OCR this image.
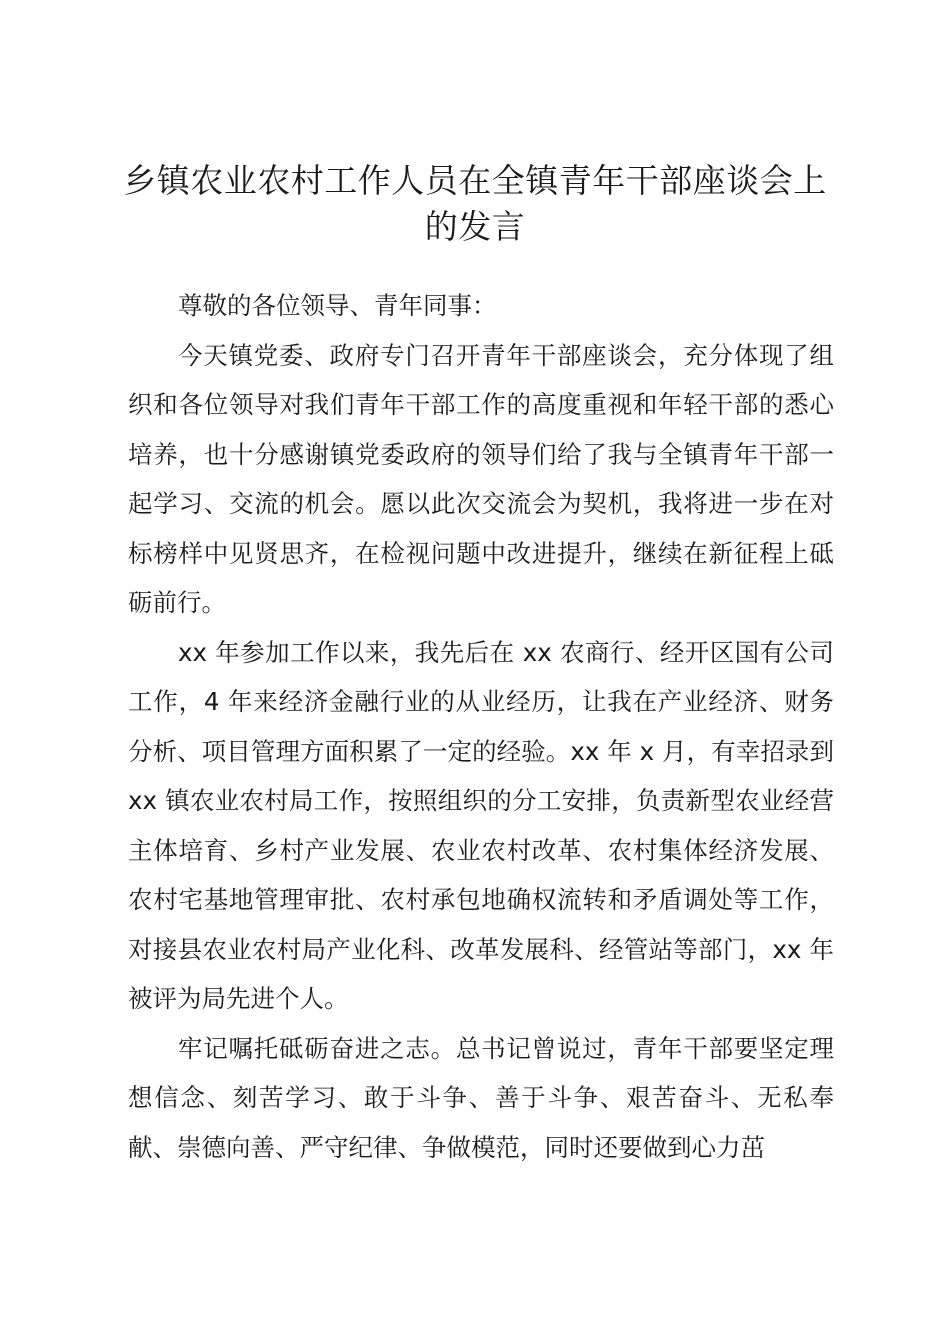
乡镇农业农村工作人员在全镇青年干部座谈会上的发言

尊敬的各位领导、青年同事：

今天镇党委、政府专门召开青年干部座谈会，充分体现了组织和各位领导对我们青年干部工作的高度重视和年轻干部的悉心培养，也十分感谢镇党委政府的领导们给了我与全镇青年干部一起学习、交流的机会。愿以此次交流会为契机，我将进一步在对标榜样中见贤思齐，在检视问题中改进提升，继续在新征程上砥砺前行。

xx 年参加工作以来，我先后在 xx 农商行、经开区国有公司工作，4 年来经济金融行业的从业经历，让我在产业经济、财务分析、项目管理方面积累了一定的经验。xx 年 x 月，有幸招录到 xx 镇农业农村局工作，按照组织的分工安排，负责新型农业经营主体培育、乡村产业发展、农业农村改革、农村集体经济发展、农村宅基地管理审批、农村承包地确权流转和矛盾调处等工作，对接县农业农村局产业化科、改革发展科、经管站等部门，xx 年被评为局先进个人。

牢记嘱托砥砺奋进之志。总书记曾说过，青年干部要坚定理想信念、刻苦学习、敢于斗争、善于斗争、艰苦奋斗、无私奉献、崇德向善、严守纪律、争做模范，同时还要做到心力茁
